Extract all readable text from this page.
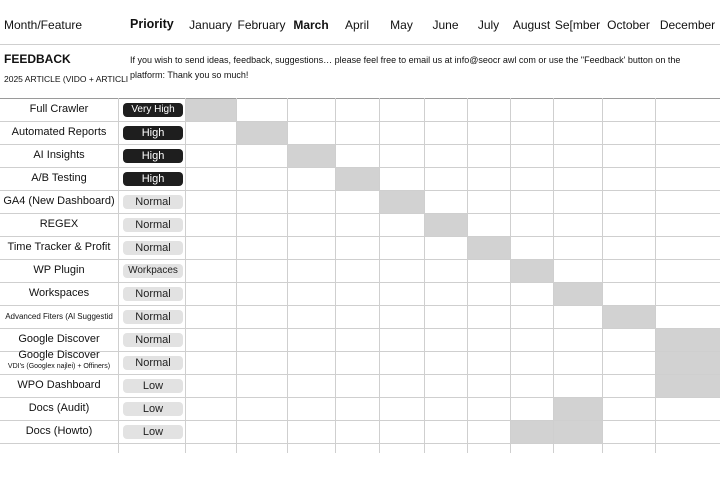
Month/Feature	Priority	January February March	April	May	June	July	August Se[mber October December
FEEDBACK
2025 ARTICLE (VIDO + ARTICLI
If you wish to send ideas, feedback, suggestions… please feel free to email us at info@seocr awl com or use the "Feedback' button on the platform: Thank you so much!
Full Crawler	Very High
Automated Reports	High
AI Insights	High
A/B Testing	High
GA4 (New Dashboard)	Normal
REGEX	Normal
Time Tracker & Profit	Normal
WP Plugin	Workpaces
Workspaces	Normal
Advanced Fiters (Al Suggestid	Normal
Google Discover	Normal
Google Discover
VDI's (Googlex najlei) + Offiners)	Normal
WPO Dashboard	Low
Docs (Audit)	Low
Docs (Howto)	Low
